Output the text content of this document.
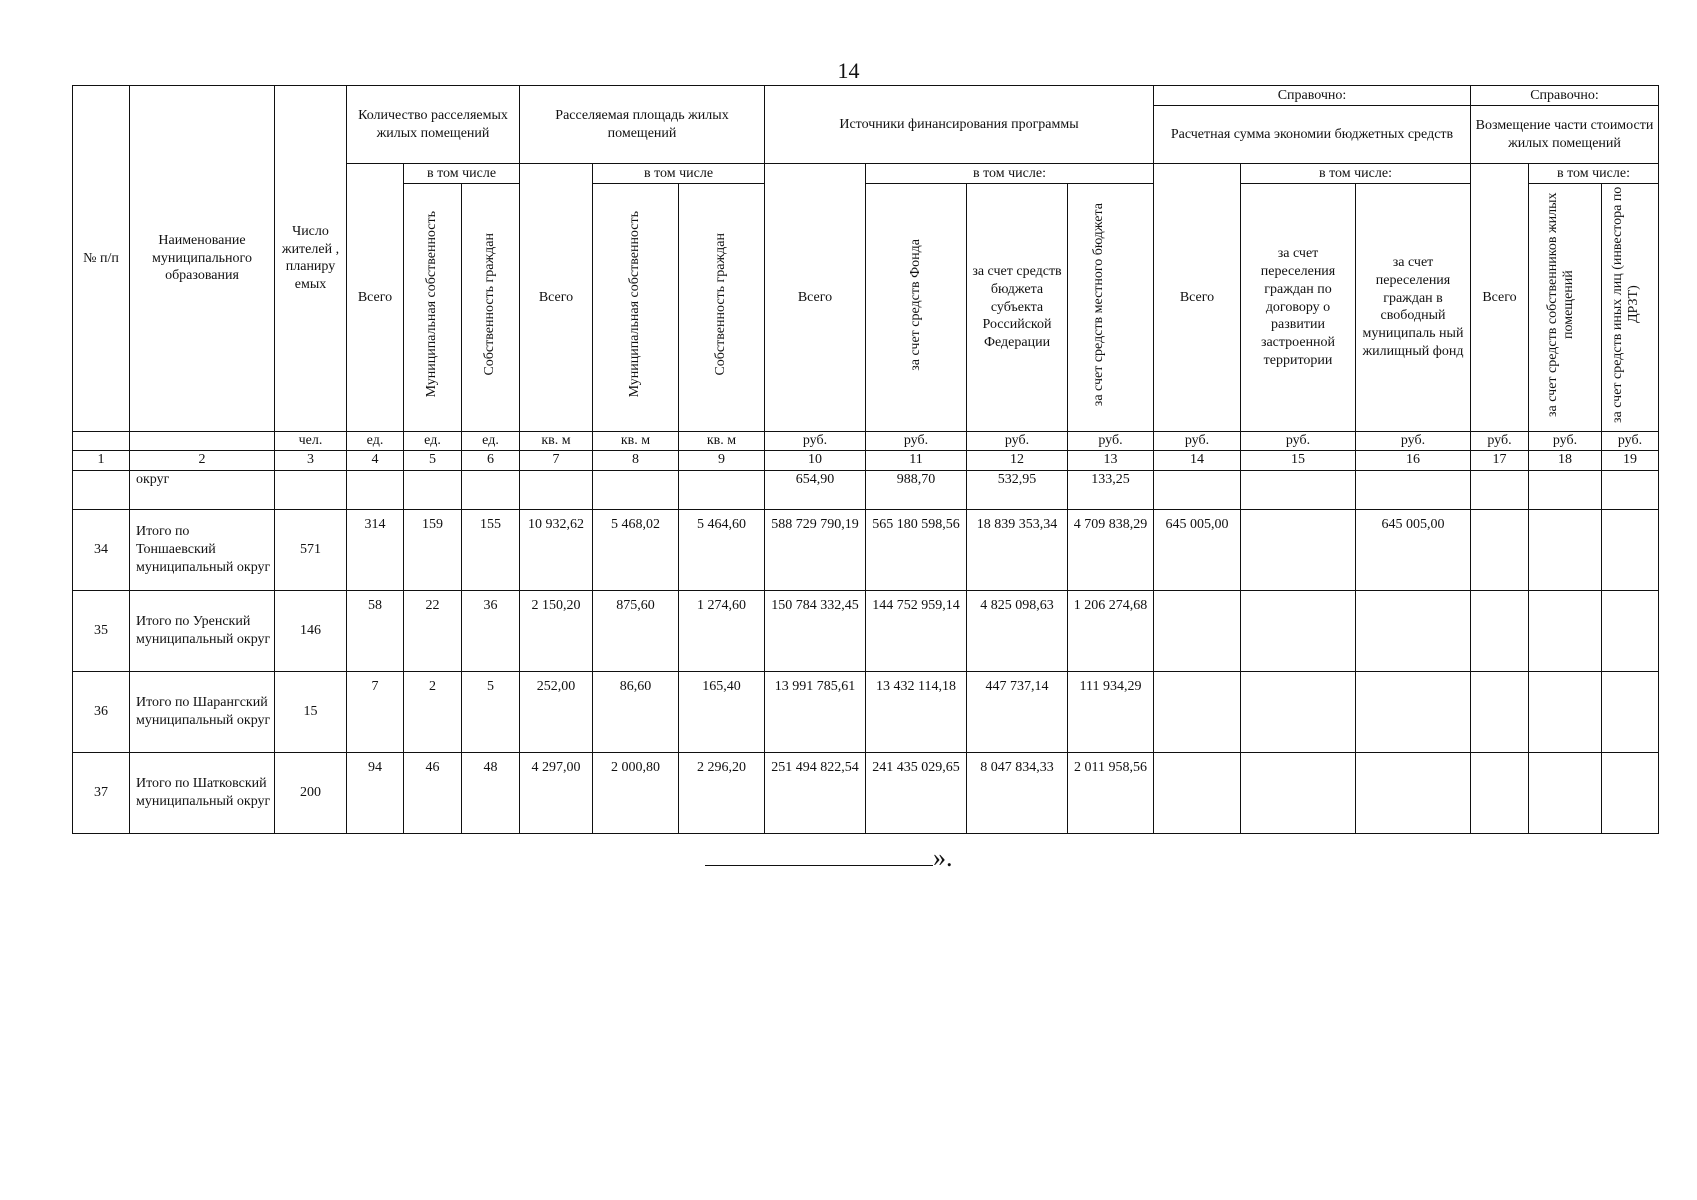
14
№ п/п	Наименование муниципального образования	Число жителей , планиру емых	Количество расселяемых жилых помещений			Расселяемая площадь жилых помещений			Источники финансирования программы				Справочно:			Справочно:		
													Расчетная сумма экономии бюджетных средств			Возмещение части стоимости жилых помещений		
			Всего	в том числе		Всего	в том числе		Всего	в том числе:			Всего	в том числе:		Всего	в том числе:	
				Муниципальная собственность	Собственность граждан		Муниципальная собственность	Собственность граждан		за счет средств Фонда	за счет средств бюджета субъекта Российской Федерации	за счет средств местного бюджета		за счет переселения граждан по договору о развитии застроенной территории	за счет переселения граждан в свободный муниципаль ный жилищный фонд		за счет средств собственников жилых помещений	за счет средств иных лиц (инвестора по ДРЗТ)
		чел.	ед.	ед.	ед.	кв. м	кв. м	кв. м	руб.	руб.	руб.	руб.	руб.	руб.	руб.	руб.	руб.	руб.
1	2	3	4	5	6	7	8	9	10	11	12	13	14	15	16	17	18	19
	округ								654,90	988,70	532,95	133,25						
34	Итого по Тоншаевский муниципальный округ	571	314	159	155	10 932,62	5 468,02	5 464,60	588 729 790,19	565 180 598,56	18 839 353,34	4 709 838,29	645 005,00		645 005,00			
35	Итого по Уренский муниципальный округ	146	58	22	36	2 150,20	875,60	1 274,60	150 784 332,45	144 752 959,14	4 825 098,63	1 206 274,68						
36	Итого по Шарангский муниципальный округ	15	7	2	5	252,00	86,60	165,40	13 991 785,61	13 432 114,18	447 737,14	111 934,29						
37	Итого по Шатковский муниципальный округ	200	94	46	48	4 297,00	2 000,80	2 296,20	251 494 822,54	241 435 029,65	8 047 834,33	2 011 958,56						
».
